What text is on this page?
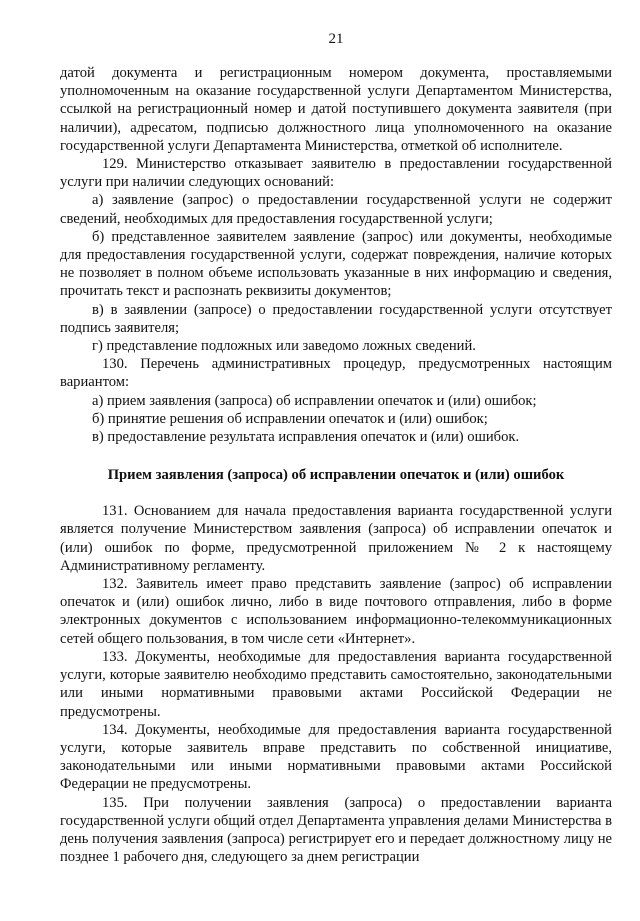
21

датой документа и регистрационным номером документа, проставляемыми уполномоченным на оказание государственной услуги Департаментом Министерства, ссылкой на регистрационный номер и датой поступившего документа заявителя (при наличии), адресатом, подписью должностного лица уполномоченного на оказание государственной услуги Департамента Министерства, отметкой об исполнителе.

129. Министерство отказывает заявителю в предоставлении государственной услуги при наличии следующих оснований:

а) заявление (запрос) о предоставлении государственной услуги не содержит сведений, необходимых для предоставления государственной услуги;

б) представленное заявителем заявление (запрос) или документы, необходимые для предоставления государственной услуги, содержат повреждения, наличие которых не позволяет в полном объеме использовать указанные в них информацию и сведения, прочитать текст и распознать реквизиты документов;

в) в заявлении (запросе) о предоставлении государственной услуги отсутствует подпись заявителя;

г) представление подложных или заведомо ложных сведений.

130. Перечень административных процедур, предусмотренных настоящим вариантом:

а) прием заявления (запроса) об исправлении опечаток и (или) ошибок;

б) принятие решения об исправлении опечаток и (или) ошибок;

в) предоставление результата исправления опечаток и (или) ошибок.

Прием заявления (запроса) об исправлении опечаток и (или) ошибок

131. Основанием для начала предоставления варианта государственной услуги является получение Министерством заявления (запроса) об исправлении опечаток и (или) ошибок по форме, предусмотренной приложением № 2 к настоящему Административному регламенту.

132. Заявитель имеет право представить заявление (запрос) об исправлении опечаток и (или) ошибок лично, либо в виде почтового отправления, либо в форме электронных документов с использованием информационно-телекоммуникационных сетей общего пользования, в том числе сети «Интернет».

133. Документы, необходимые для предоставления варианта государственной услуги, которые заявителю необходимо представить самостоятельно, законодательными или иными нормативными правовыми актами Российской Федерации не предусмотрены.

134. Документы, необходимые для предоставления варианта государственной услуги, которые заявитель вправе представить по собственной инициативе, законодательными или иными нормативными правовыми актами Российской Федерации не предусмотрены.

135. При получении заявления (запроса) о предоставлении варианта государственной услуги общий отдел Департамента управления делами Министерства в день получения заявления (запроса) регистрирует его и передает должностному лицу не позднее 1 рабочего дня, следующего за днем регистрации
